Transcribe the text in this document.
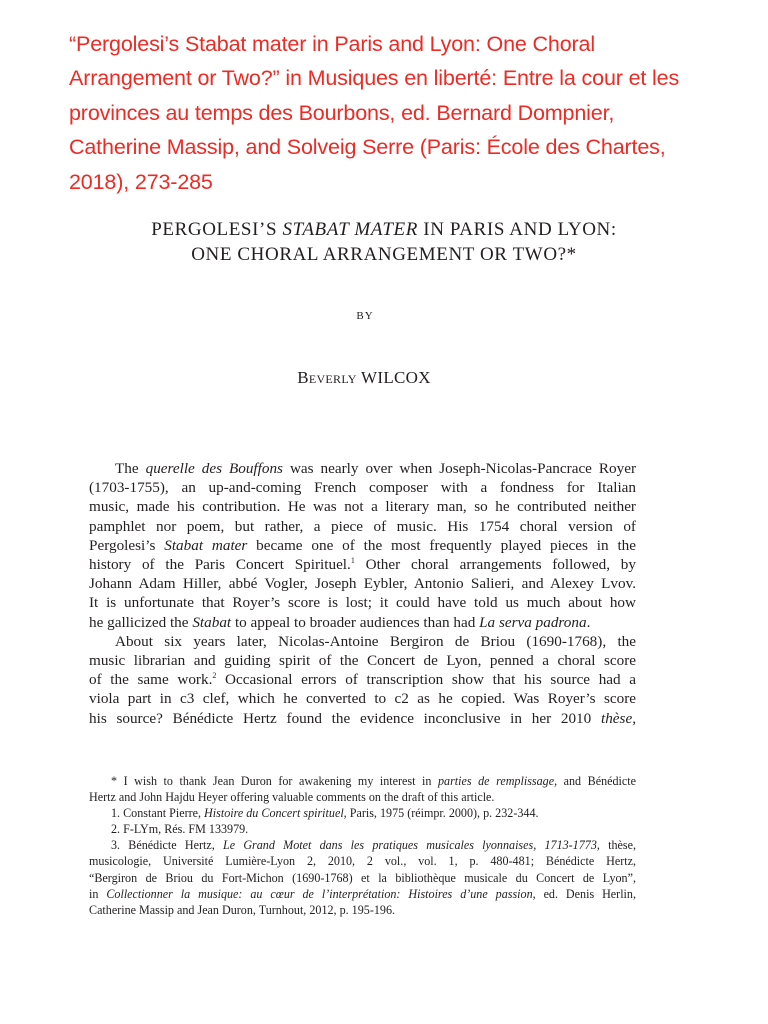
“Pergolesi’s Stabat mater in Paris and Lyon: One Choral
Arrangement or Two?” in Musiques en liberté: Entre la cour et les
provinces au temps des Bourbons, ed. Bernard Dompnier,
Catherine Massip, and Solveig Serre (Paris: École des Chartes,
2018), 273-285
PERGOLESI’S STABAT MATER IN PARIS AND LYON:
ONE CHORAL ARRANGEMENT OR TWO?*
BY
Beverly WILCOX
The querelle des Bouffons was nearly over when Joseph-Nicolas-Pancrace Royer
(1703-1755), an up-and-coming French composer with a fondness for Italian
music, made his contribution. He was not a literary man, so he contributed neither
pamphlet nor poem, but rather, a piece of music. His 1754 choral version of
Pergolesi’s Stabat mater became one of the most frequently played pieces in the
history of the Paris Concert Spirituel.$^1$ Other choral arrangements followed, by
Johann Adam Hiller, abbé Vogler, Joseph Eybler, Antonio Salieri, and Alexey Lvov.
It is unfortunate that Royer’s score is lost; it could have told us much about how
he gallicized the Stabat to appeal to broader audiences than had La serva padrona.
About six years later, Nicolas-Antoine Bergiron de Briou (1690-1768), the
music librarian and guiding spirit of the Concert de Lyon, penned a choral score
of the same work.$^2$ Occasional errors of transcription show that his source had a
viola part in c3 clef, which he converted to c2 as he copied. Was Royer’s score
his source? Bénédicte Hertz found the evidence inconclusive in her 2010 thèse,
* I wish to thank Jean Duron for awakening my interest in parties de remplissage, and Bénédicte
Hertz and John Hajdu Heyer offering valuable comments on the draft of this article.
1. Constant Pierre, Histoire du Concert spirituel, Paris, 1975 (réimpr. 2000), p. 232-344.
2. F-LYm, Rés. FM 133979.
3. Bénédicte Hertz, Le Grand Motet dans les pratiques musicales lyonnaises, 1713-1773, thèse,
musicologie, Université Lumière-Lyon 2, 2010, 2 vol., vol. 1, p. 480-481; Bénédicte Hertz,
“Bergiron de Briou du Fort-Michon (1690-1768) et la bibliothèque musicale du Concert de Lyon”,
in Collectionner la musique: au cœur de l’interprétation: Histoires d’une passion, ed. Denis Herlin,
Catherine Massip and Jean Duron, Turnhout, 2012, p. 195-196.
